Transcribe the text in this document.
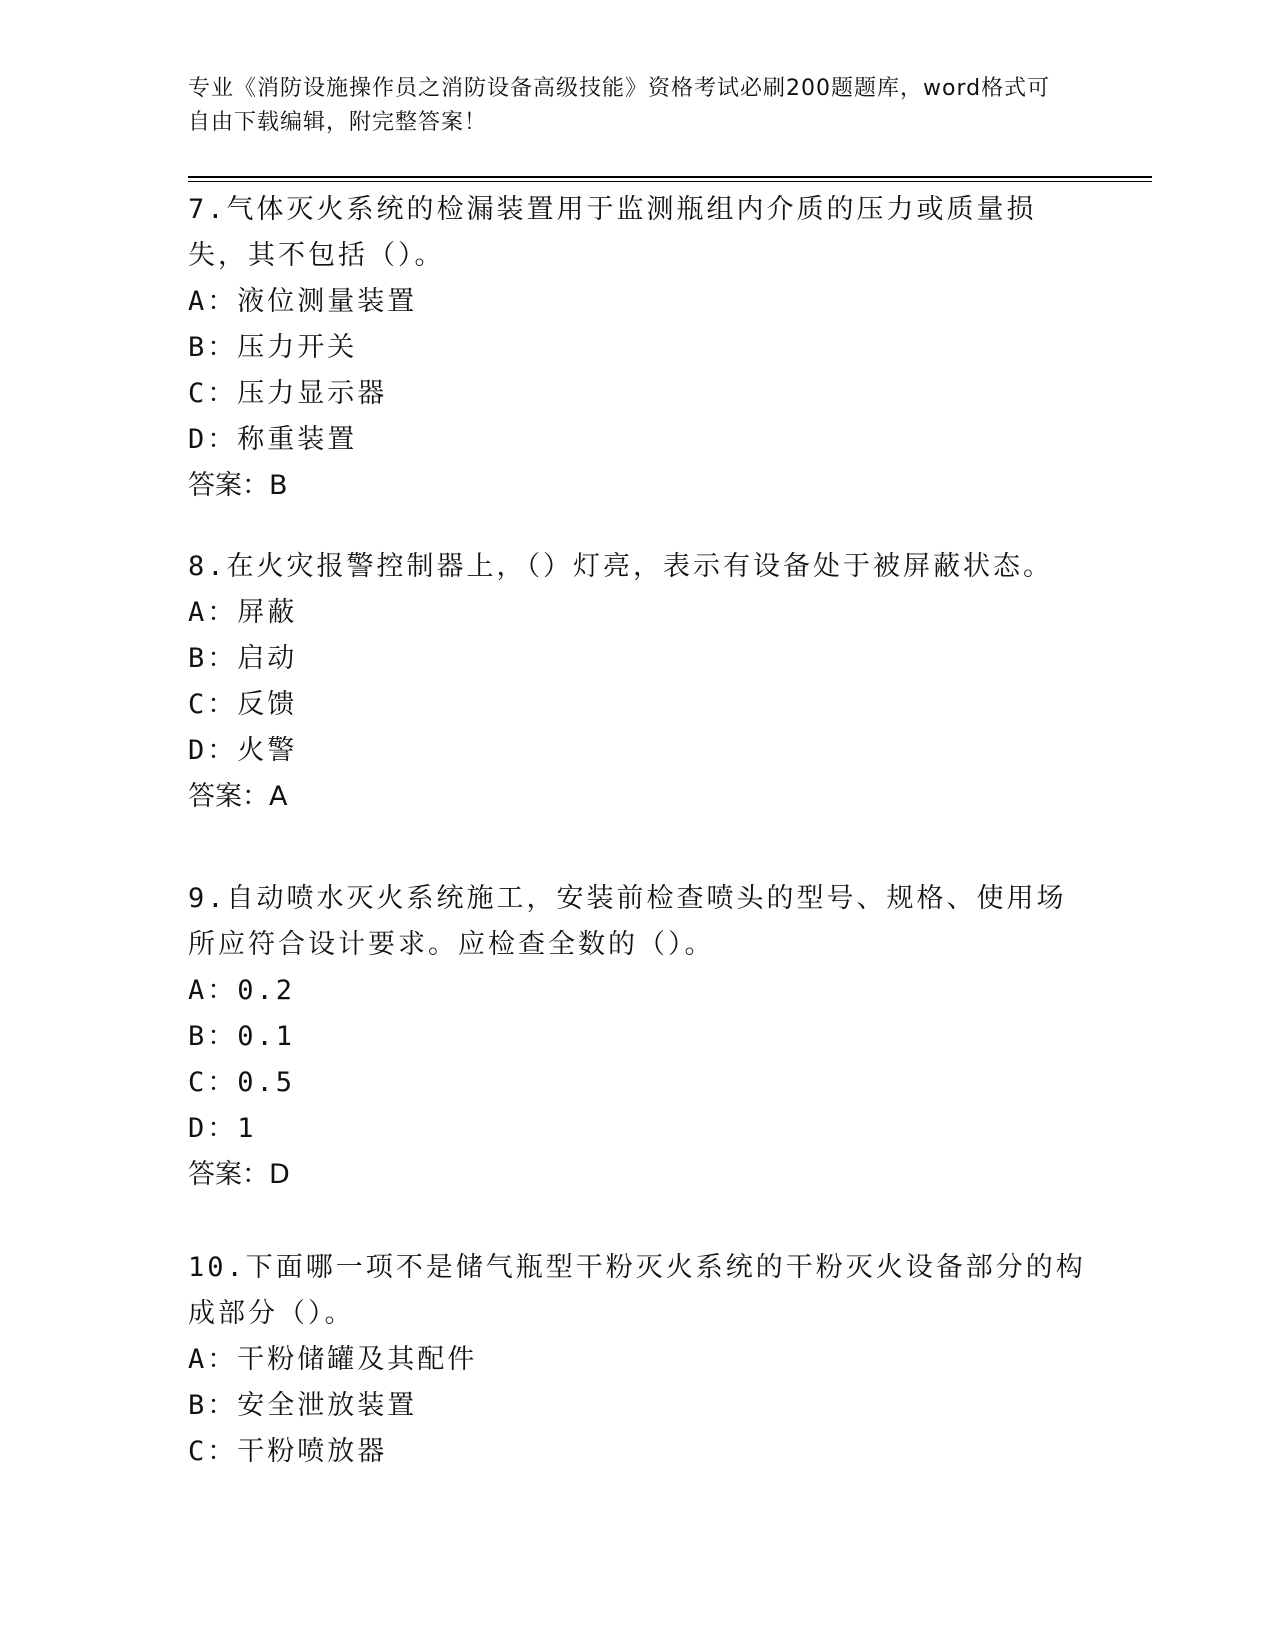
专业《消防设施操作员之消防设备高级技能》资格考试必刷200题题库，word格式可自由下载编辑，附完整答案！
7.气体灭火系统的检漏装置用于监测瓶组内介质的压力或质量损失，其不包括（）。
A：液位测量装置
B：压力开关
C：压力显示器
D：称重装置
答案：B
8.在火灾报警控制器上，（）灯亮，表示有设备处于被屏蔽状态。
A：屏蔽
B：启动
C：反馈
D：火警
答案：A
9.自动喷水灭火系统施工，安装前检查喷头的型号、规格、使用场所应符合设计要求。应检查全数的（）。
A：0.2
B：0.1
C：0.5
D：1
答案：D
10.下面哪一项不是储气瓶型干粉灭火系统的干粉灭火设备部分的构成部分（）。
A：干粉储罐及其配件
B：安全泄放装置
C：干粉喷放器
